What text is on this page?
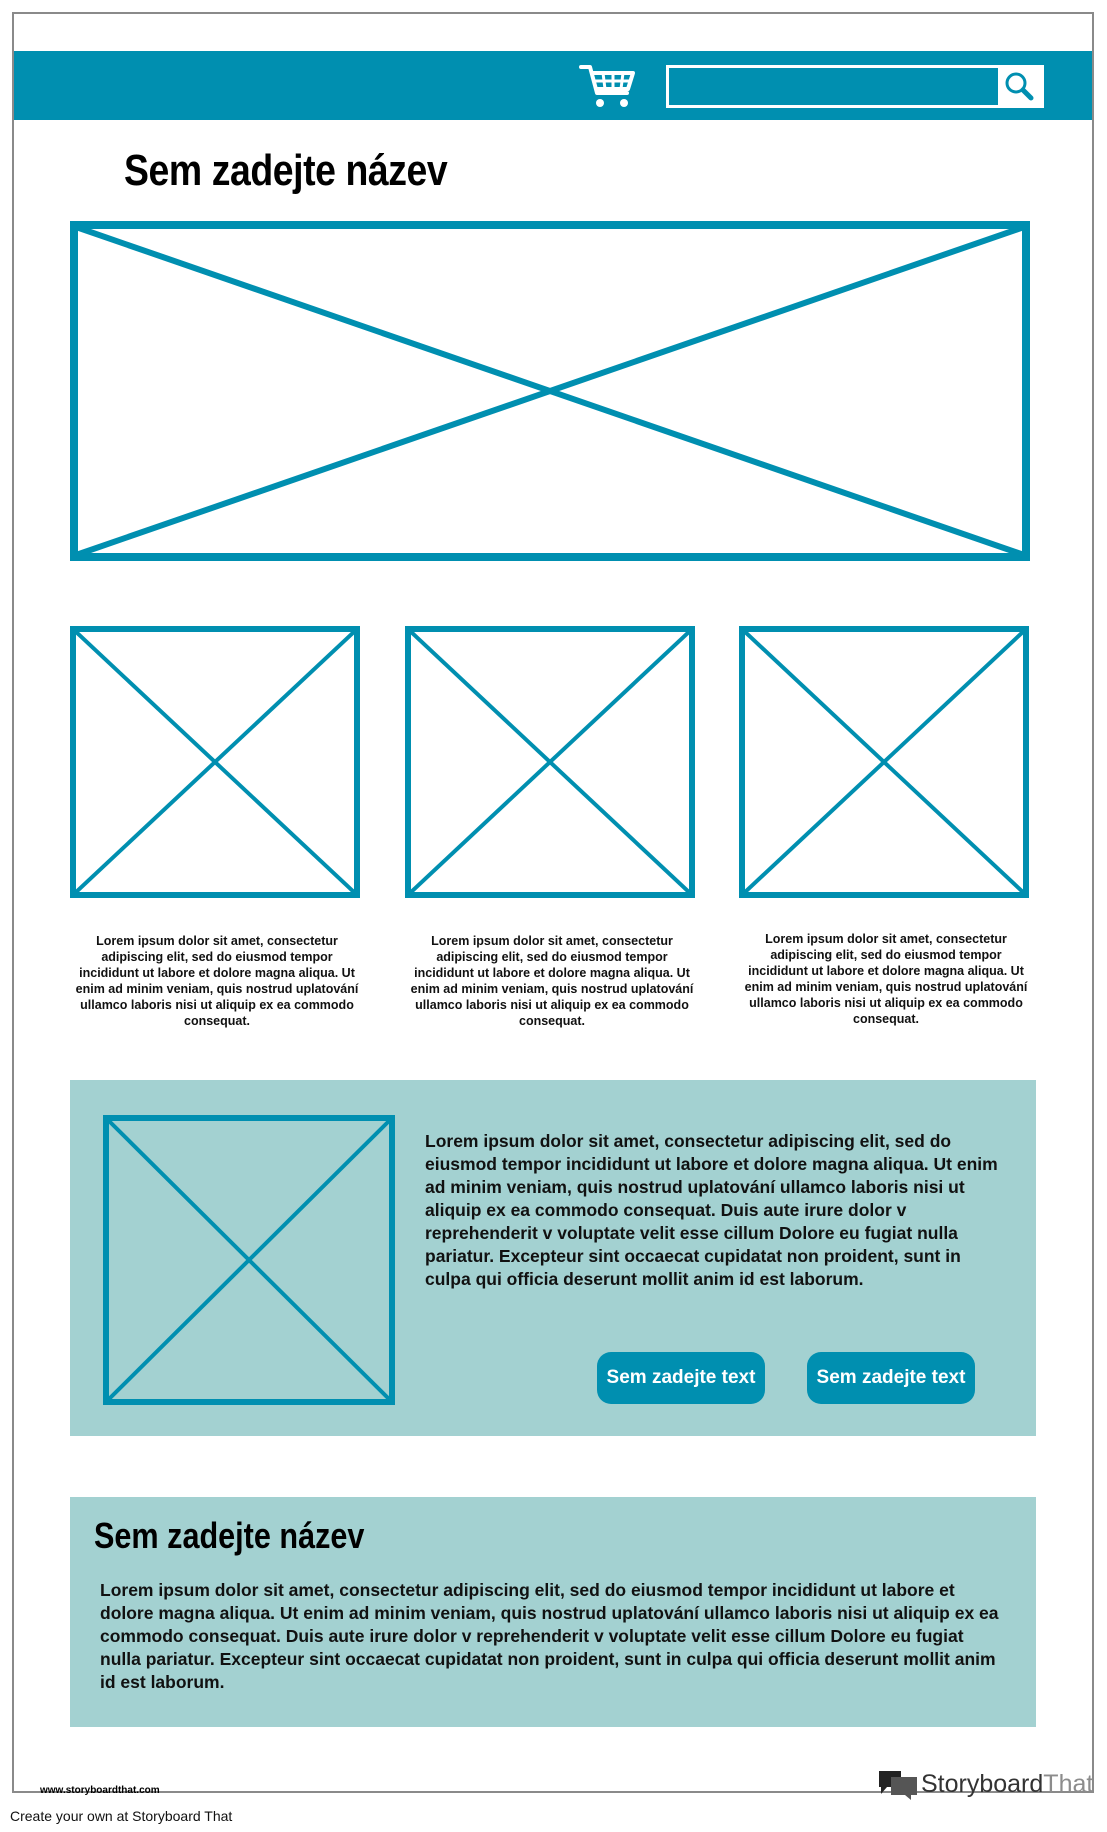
Sem zadejte název
Lorem ipsum dolor sit amet, consectetur adipiscing elit, sed do eiusmod tempor incididunt ut labore et dolore magna aliqua. Ut enim ad minim veniam, quis nostrud uplatování ullamco laboris nisi ut aliquip ex ea commodo consequat.
Lorem ipsum dolor sit amet, consectetur adipiscing elit, sed do eiusmod tempor incididunt ut labore et dolore magna aliqua. Ut enim ad minim veniam, quis nostrud uplatování ullamco laboris nisi ut aliquip ex ea commodo consequat.
Lorem ipsum dolor sit amet, consectetur adipiscing elit, sed do eiusmod tempor incididunt ut labore et dolore magna aliqua. Ut enim ad minim veniam, quis nostrud uplatování ullamco laboris nisi ut aliquip ex ea commodo consequat.
Lorem ipsum dolor sit amet, consectetur adipiscing elit, sed do eiusmod tempor incididunt ut labore et dolore magna aliqua. Ut enim ad minim veniam, quis nostrud uplatování ullamco laboris nisi ut aliquip ex ea commodo consequat. Duis aute irure dolor v reprehenderit v voluptate velit esse cillum Dolore eu fugiat nulla pariatur. Excepteur sint occaecat cupidatat non proident, sunt in culpa qui officia deserunt mollit anim id est laborum.
Sem zadejte text	Sem zadejte text
Sem zadejte název
Lorem ipsum dolor sit amet, consectetur adipiscing elit, sed do eiusmod tempor incididunt ut labore et dolore magna aliqua. Ut enim ad minim veniam, quis nostrud uplatování ullamco laboris nisi ut aliquip ex ea commodo consequat. Duis aute irure dolor v reprehenderit v voluptate velit esse cillum Dolore eu fugiat nulla pariatur. Excepteur sint occaecat cupidatat non proident, sunt in culpa qui officia deserunt mollit anim id est laborum.
www.storyboardthat.com	StoryboardThat
Create your own at Storyboard That
